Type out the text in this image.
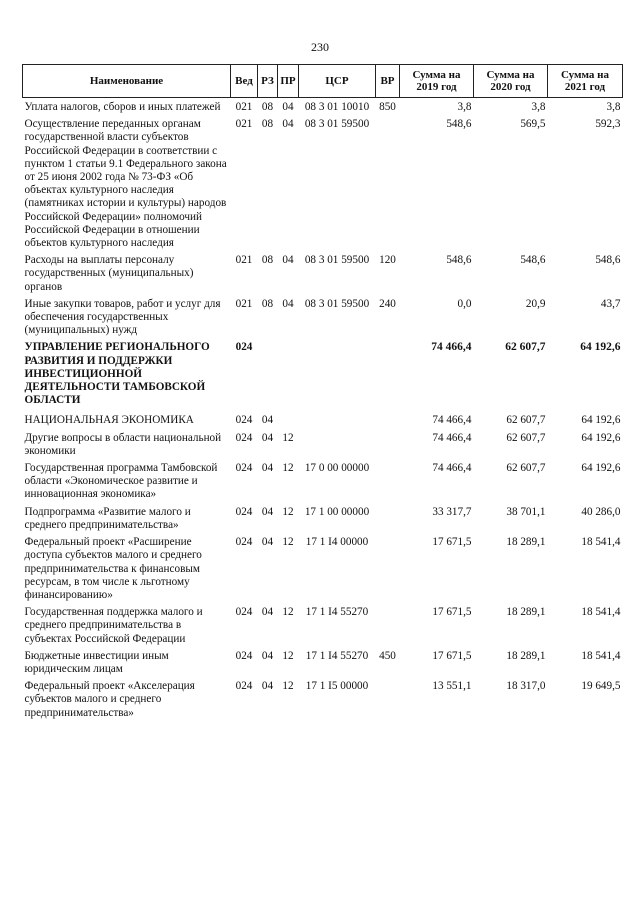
230
Наименование	Вед	РЗ	ПР	ЦСР	ВР	Сумма на 2019 год	Сумма на 2020 год	Сумма на 2021 год
Уплата налогов, сборов и иных платежей	021	08	04	08 3 01 10010	850	3,8	3,8	3,8
Осуществление переданных органам государственной власти субъектов Российской Федерации в соответствии с пунктом 1 статьи 9.1 Федерального закона от 25 июня 2002 года № 73-ФЗ «Об объектах культурного наследия (памятниках истории и культуры) народов Российской Федерации» полномочий Российской Федерации в отношении объектов культурного наследия	021	08	04	08 3 01 59500		548,6	569,5	592,3
Расходы на выплаты персоналу государственных (муниципальных) органов	021	08	04	08 3 01 59500	120	548,6	548,6	548,6
Иные закупки товаров, работ и услуг для обеспечения государственных (муниципальных) нужд	021	08	04	08 3 01 59500	240	0,0	20,9	43,7
УПРАВЛЕНИЕ РЕГИОНАЛЬНОГО РАЗВИТИЯ И ПОДДЕРЖКИ ИНВЕСТИЦИОННОЙ ДЕЯТЕЛЬНОСТИ ТАМБОВСКОЙ ОБЛАСТИ	024					74 466,4	62 607,7	64 192,6
НАЦИОНАЛЬНАЯ ЭКОНОМИКА	024	04				74 466,4	62 607,7	64 192,6
Другие вопросы в области национальной экономики	024	04	12			74 466,4	62 607,7	64 192,6
Государственная программа Тамбовской области «Экономическое развитие и инновационная экономика»	024	04	12	17 0 00 00000		74 466,4	62 607,7	64 192,6
Подпрограмма «Развитие малого и среднего предпринимательства»	024	04	12	17 1 00 00000		33 317,7	38 701,1	40 286,0
Федеральный проект «Расширение доступа субъектов малого и среднего предпринимательства к финансовым ресурсам, в том числе к льготному финансированию»	024	04	12	17 1 I4 00000		17 671,5	18 289,1	18 541,4
Государственная поддержка малого и среднего предпринимательства в субъектах Российской Федерации	024	04	12	17 1 I4 55270		17 671,5	18 289,1	18 541,4
Бюджетные инвестиции иным юридическим лицам	024	04	12	17 1 I4 55270	450	17 671,5	18 289,1	18 541,4
Федеральный проект «Акселерация субъектов малого и среднего предпринимательства»	024	04	12	17 1 I5 00000		13 551,1	18 317,0	19 649,5
